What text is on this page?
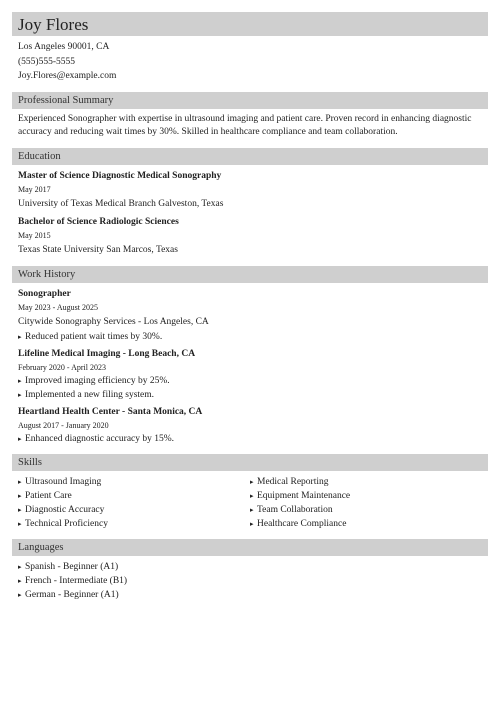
Joy Flores
Los Angeles 90001, CA
(555)555-5555
Joy.Flores@example.com
Professional Summary

Experienced Sonographer with expertise in ultrasound imaging and patient care. Proven record in enhancing diagnostic accuracy and reducing wait times by 30%. Skilled in healthcare compliance and team collaboration.

Education
Master of Science Diagnostic Medical Sonography
May 2017
University of Texas Medical Branch Galveston, Texas
Bachelor of Science Radiologic Sciences
May 2015
Texas State University San Marcos, Texas
Work History
Sonographer
May 2023 - August 2025
Citywide Sonography Services - Los Angeles, CA
▸ Reduced patient wait times by 30%.
Lifeline Medical Imaging - Long Beach, CA
February 2020 - April 2023
▸ Improved imaging efficiency by 25%.
▸ Implemented a new filing system.
Heartland Health Center - Santa Monica, CA
August 2017 - January 2020
▸ Enhanced diagnostic accuracy by 15%.
Skills
▸ Ultrasound Imaging
▸ Patient Care
▸ Diagnostic Accuracy
▸ Technical Proficiency
▸ Medical Reporting
▸ Equipment Maintenance
▸ Team Collaboration
▸ Healthcare Compliance
Languages
▸ Spanish - Beginner (A1)
▸ French - Intermediate (B1)
▸ German - Beginner (A1)
